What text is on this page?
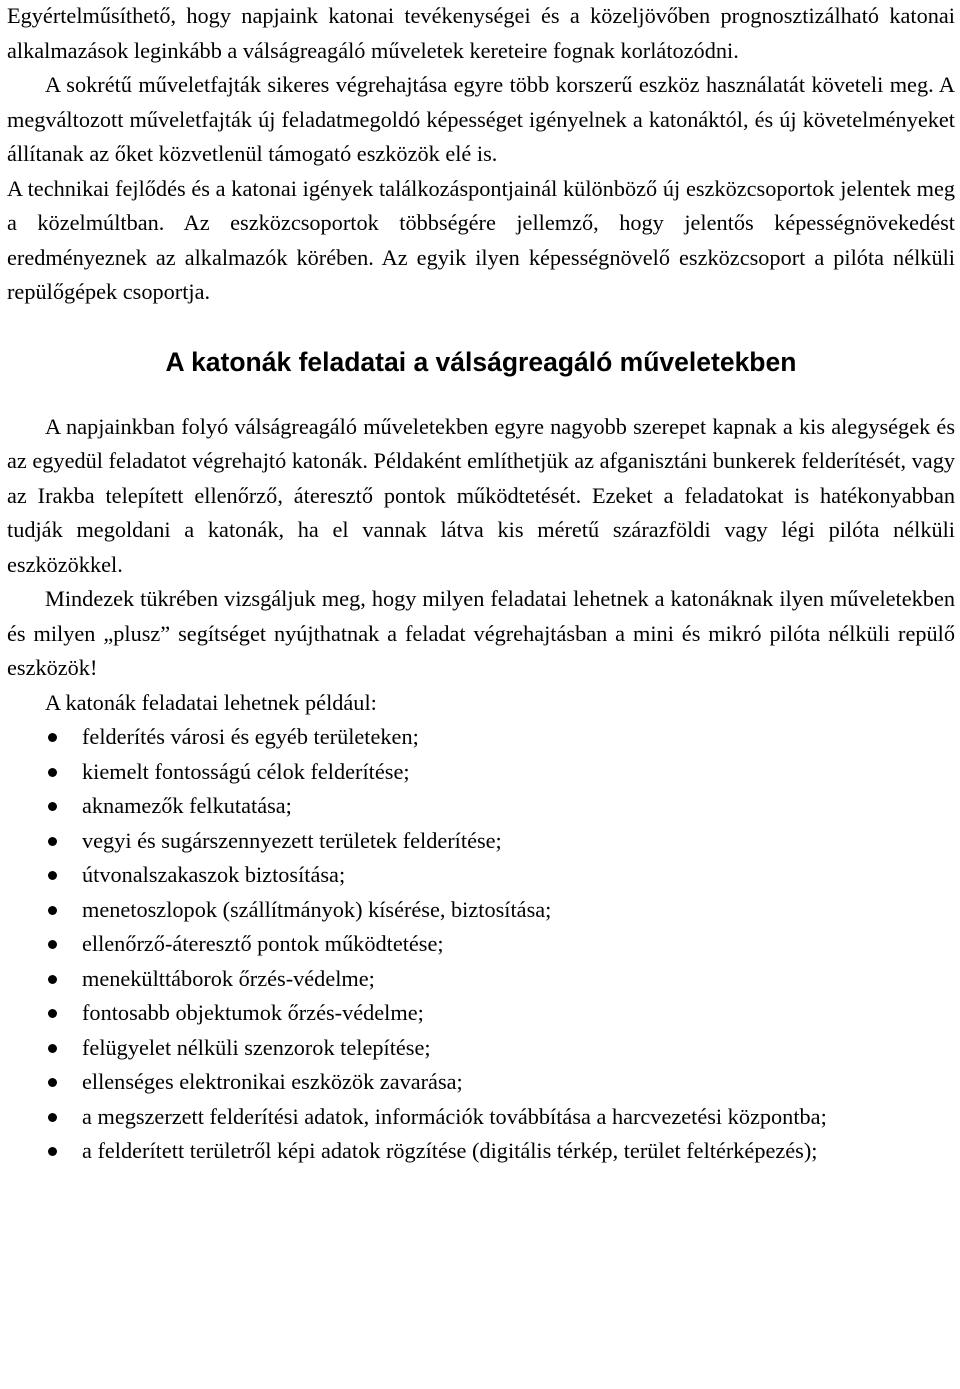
Egyértelműsíthető, hogy napjaink katonai tevékenységei és a közeljövőben prognosztizálható katonai alkalmazások leginkább a válságreagáló műveletek kereteire fognak korlátozódni.

A sokrétű műveletfajták sikeres végrehajtása egyre több korszerű eszköz használatát követeli meg. A megváltozott műveletfajták új feladatmegoldó képességet igényelnek a katonáktól, és új követelményeket állítanak az őket közvetlenül támogató eszközök elé is.

A technikai fejlődés és a katonai igények találkozáspontjainál különböző új eszközcsoportok jelentek meg a közelmúltban. Az eszközcsoportok többségére jellemző, hogy jelentős képességnövekedést eredményeznek az alkalmazók körében. Az egyik ilyen képességnövelő eszközcsoport a pilóta nélküli repülőgépek csoportja.

A katonák feladatai a válságreagáló műveletekben

A napjainkban folyó válságreagáló műveletekben egyre nagyobb szerepet kapnak a kis alegységek és az egyedül feladatot végrehajtó katonák. Példaként említhetjük az afganisztáni bunkerek felderítését, vagy az Irakba telepített ellenőrző, áteresztő pontok működtetését. Ezeket a feladatokat is hatékonyabban tudják megoldani a katonák, ha el vannak látva kis méretű szárazföldi vagy légi pilóta nélküli eszközökkel.

Mindezek tükrében vizsgáljuk meg, hogy milyen feladatai lehetnek a katonáknak ilyen műveletekben és milyen „plusz” segítséget nyújthatnak a feladat végrehajtásban a mini és mikró pilóta nélküli repülő eszközök!

A katonák feladatai lehetnek például:

felderítés városi és egyéb területeken;
kiemelt fontosságú célok felderítése;
aknamezők felkutatása;
vegyi és sugárszennyezett területek felderítése;
útvonalszakaszok biztosítása;
menetoszlopok (szállítmányok) kísérése, biztosítása;
ellenőrző-áteresztő pontok működtetése;
menekülttáborok őrzés-védelme;
fontosabb objektumok őrzés-védelme;
felügyelet nélküli szenzorok telepítése;
ellenséges elektronikai eszközök zavarása;
a megszerzett felderítési adatok, információk továbbítása a harcvezetési központba;
a felderített területről képi adatok rögzítése (digitális térkép, terület feltérképezés);
